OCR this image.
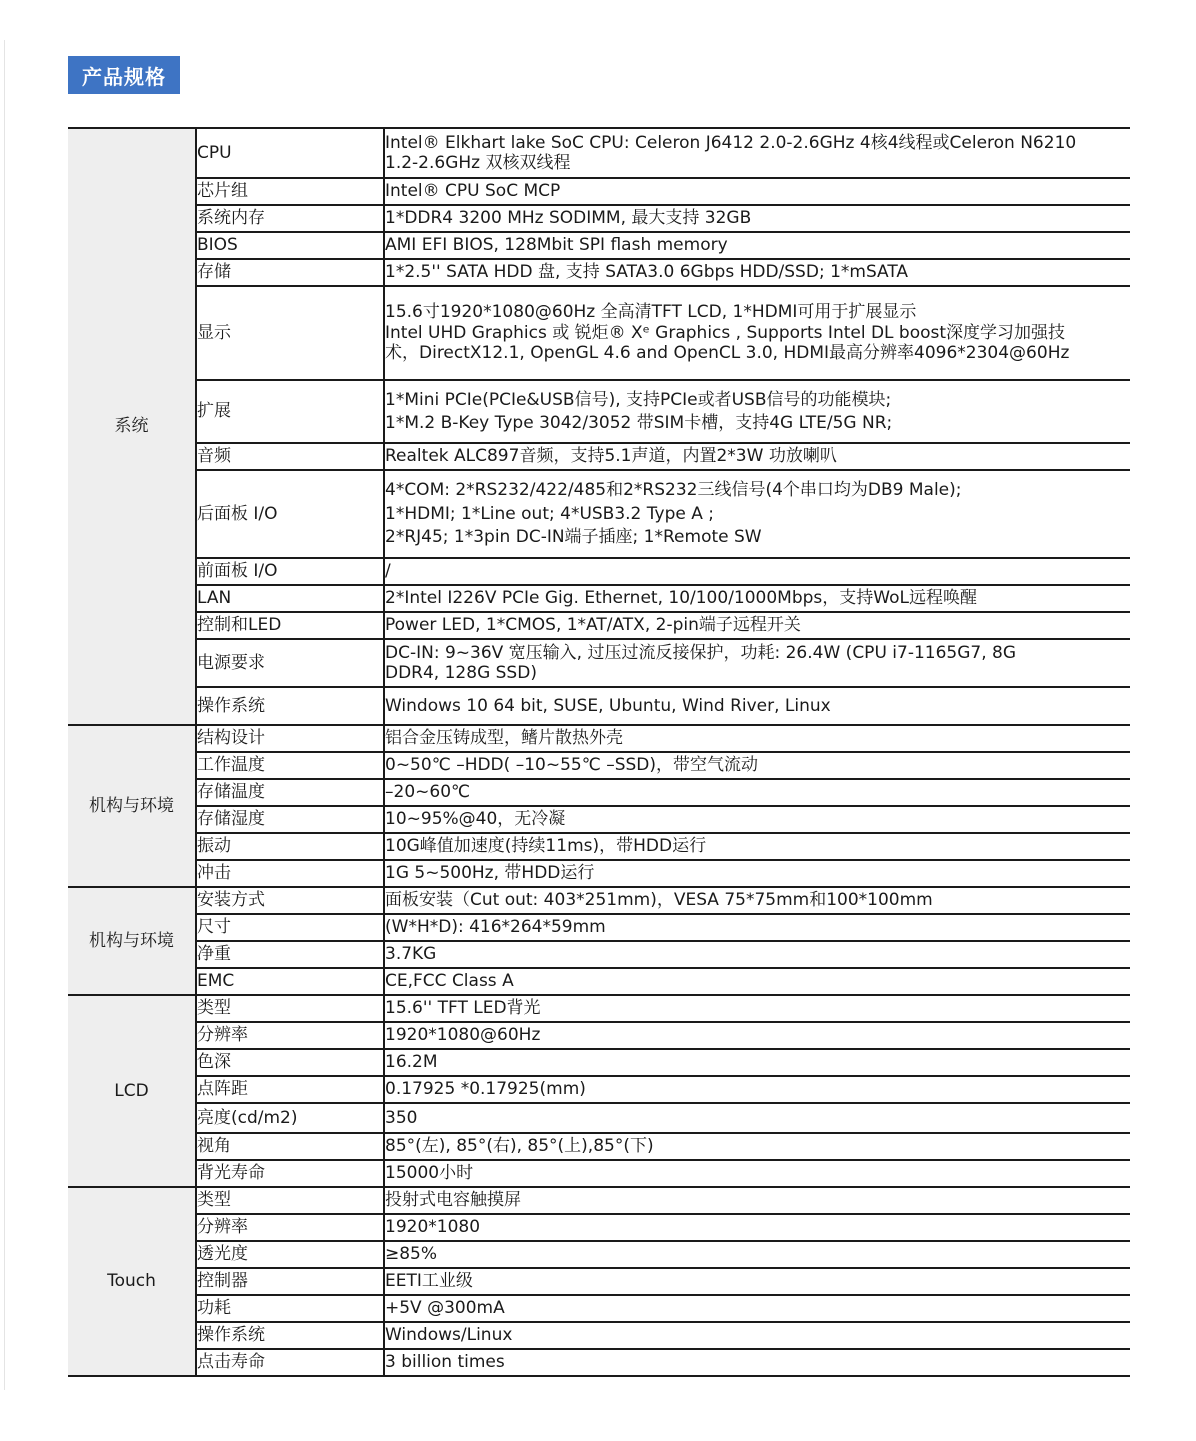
产品规格
系统	CPU	Intel® Elkhart lake SoC CPU: Celeron J6412 2.0-2.6GHz 4核4线程或Celeron N6210
1.2-2.6GHz 双核双线程

	芯片组	Intel® CPU SoC MCP

	系统内存	1*DDR4 3200 MHz SODIMM, 最大支持 32GB

	BIOS	AMI EFI BIOS, 128Mbit SPI flash memory

	存储	1*2.5'' SATA HDD 盘, 支持 SATA3.0 6Gbps HDD/SSD; 1*mSATA

	显示	15.6寸1920*1080@60Hz 全高清TFT LCD, 1*HDMI可用于扩展显示
Intel UHD Graphics 或 锐炬® Xᵉ Graphics , Supports Intel DL boost深度学习加强技
术，DirectX12.1, OpenGL 4.6 and OpenCL 3.0, HDMI最高分辨率4096*2304@60Hz

	扩展	1*Mini PCIe(PCIe&USB信号), 支持PCIe或者USB信号的功能模块;
1*M.2 B-Key Type 3042/3052 带SIM卡槽，支持4G LTE/5G NR;

	音频	Realtek ALC897音频，支持5.1声道，内置2*3W 功放喇叭

	后面板 I/O	4*COM: 2*RS232/422/485和2*RS232三线信号(4个串口均为DB9 Male);
1*HDMI; 1*Line out; 4*USB3.2 Type A ;
2*RJ45; 1*3pin DC-IN端子插座; 1*Remote SW

	前面板 I/O	/

	LAN	2*Intel I226V PCIe Gig. Ethernet, 10/100/1000Mbps，支持WoL远程唤醒

	控制和LED	Power LED, 1*CMOS, 1*AT/ATX, 2-pin端子远程开关

	电源要求	DC-IN: 9~36V 宽压输入, 过压过流反接保护，功耗: 26.4W (CPU i7-1165G7, 8G
DDR4, 128G SSD)

	操作系统	Windows 10 64 bit, SUSE, Ubuntu, Wind River, Linux

机构与环境	结构设计	铝合金压铸成型，鳍片散热外壳

	工作温度	0~50℃ –HDD( –10~55℃ –SSD)，带空气流动

	存储温度	–20~60℃

	存储湿度	10~95%@40，无冷凝

	振动	10G峰值加速度(持续11ms)，带HDD运行

	冲击	1G 5~500Hz, 带HDD运行

机构与环境	安装方式	面板安装（Cut out: 403*251mm)，VESA 75*75mm和100*100mm

	尺寸	(W*H*D): 416*264*59mm

	净重	3.7KG

	EMC	CE,FCC Class A

LCD	类型	15.6'' TFT LED背光

	分辨率	1920*1080@60Hz

	色深	16.2M

	点阵距	0.17925 *0.17925(mm)

	亮度(cd/m2)	350

	视角	85°(左), 85°(右), 85°(上),85°(下)

	背光寿命	15000小时

Touch	类型	投射式电容触摸屏

	分辨率	1920*1080

	透光度	≥85%

	控制器	EETI工业级

	功耗	+5V @300mA

	操作系统	Windows/Linux

	点击寿命	3 billion times
